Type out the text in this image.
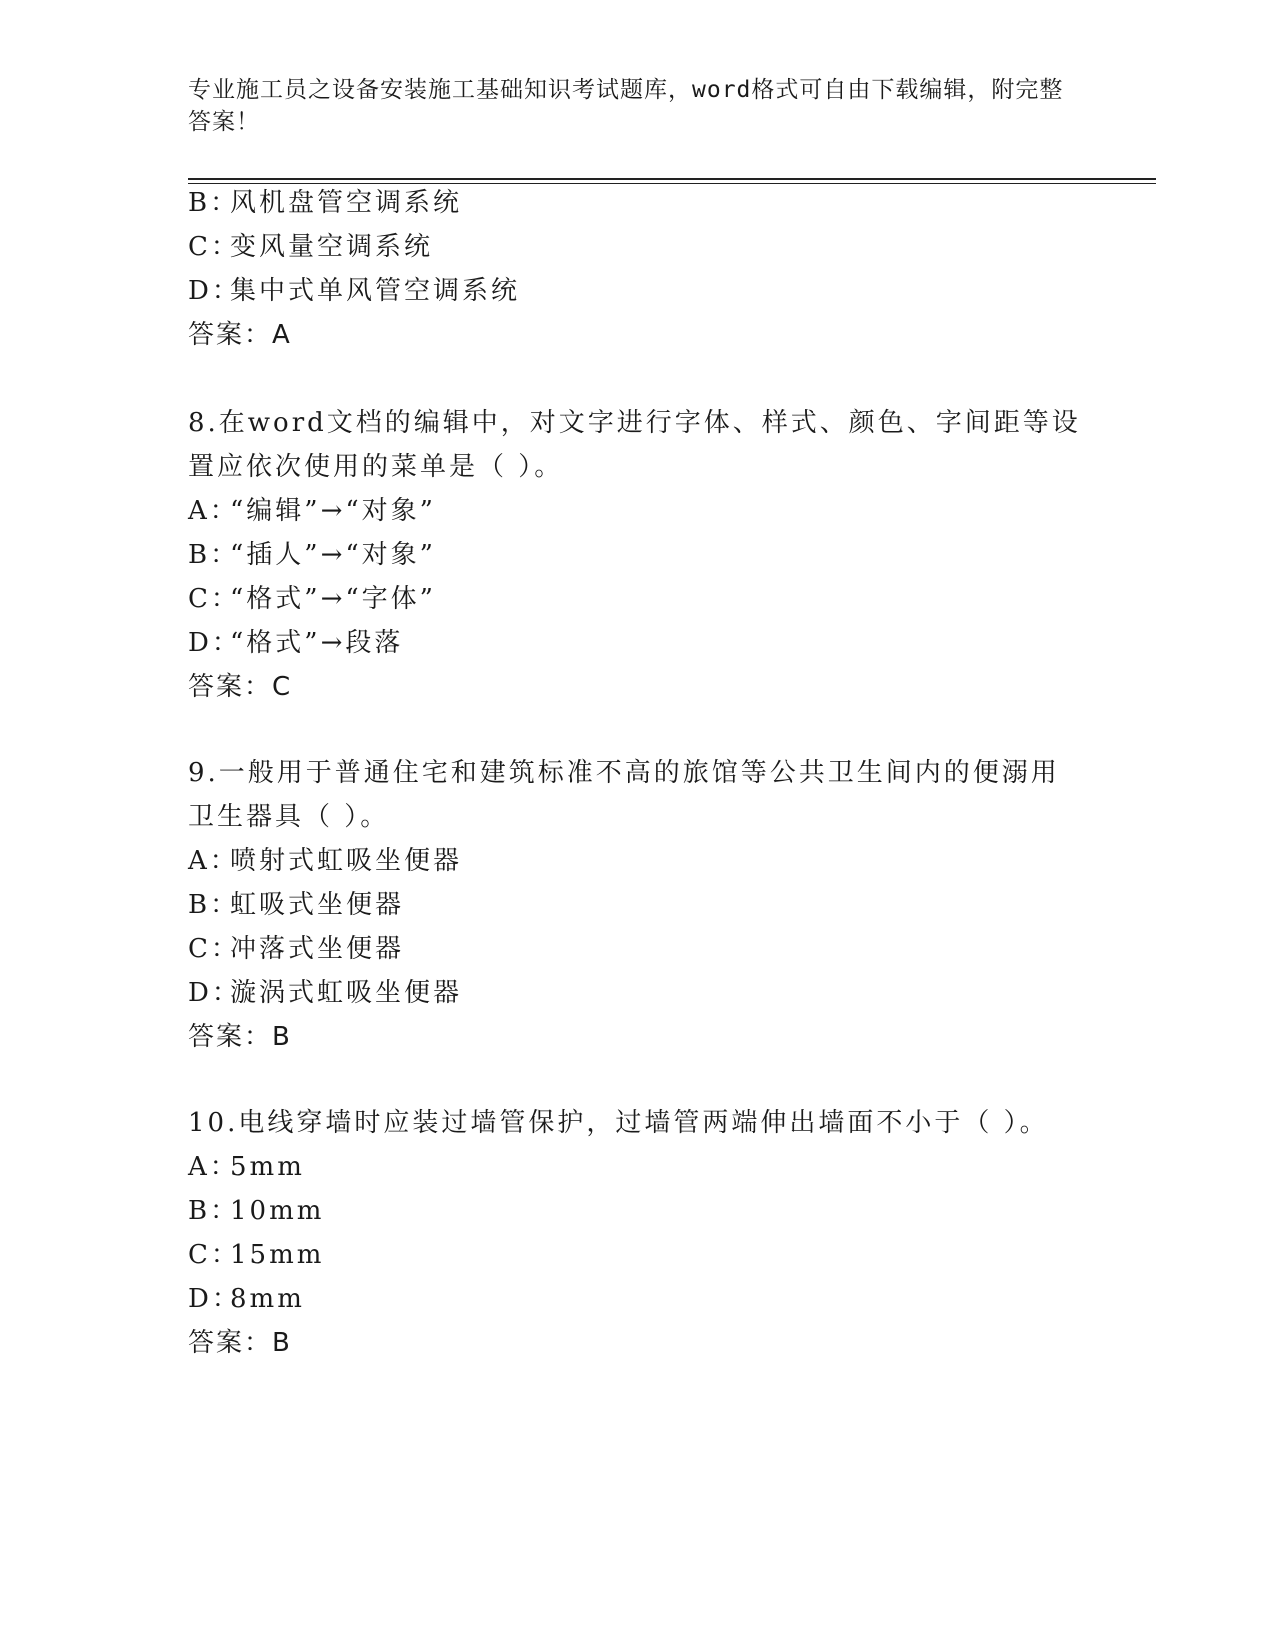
专业施工员之设备安装施工基础知识考试题库，word格式可自由下载编辑，附完整答案！
B：风机盘管空调系统
C：变风量空调系统
D：集中式单风管空调系统
答案：A
8.在word文档的编辑中，对文字进行字体、样式、颜色、字间距等设
置应依次使用的菜单是（ ）。
A：“编辑”→“对象”
B：“插人”→“对象”
C：“格式”→“字体”
D：“格式”→段落
答案：C
9.一般用于普通住宅和建筑标准不高的旅馆等公共卫生间内的便溺用
卫生器具（ ）。
A：喷射式虹吸坐便器
B：虹吸式坐便器
C：冲落式坐便器
D：漩涡式虹吸坐便器
答案：B
10.电线穿墙时应装过墙管保护，过墙管两端伸出墙面不小于（ ）。
A：5mm
B：10mm
C：15mm
D：8mm
答案：B
